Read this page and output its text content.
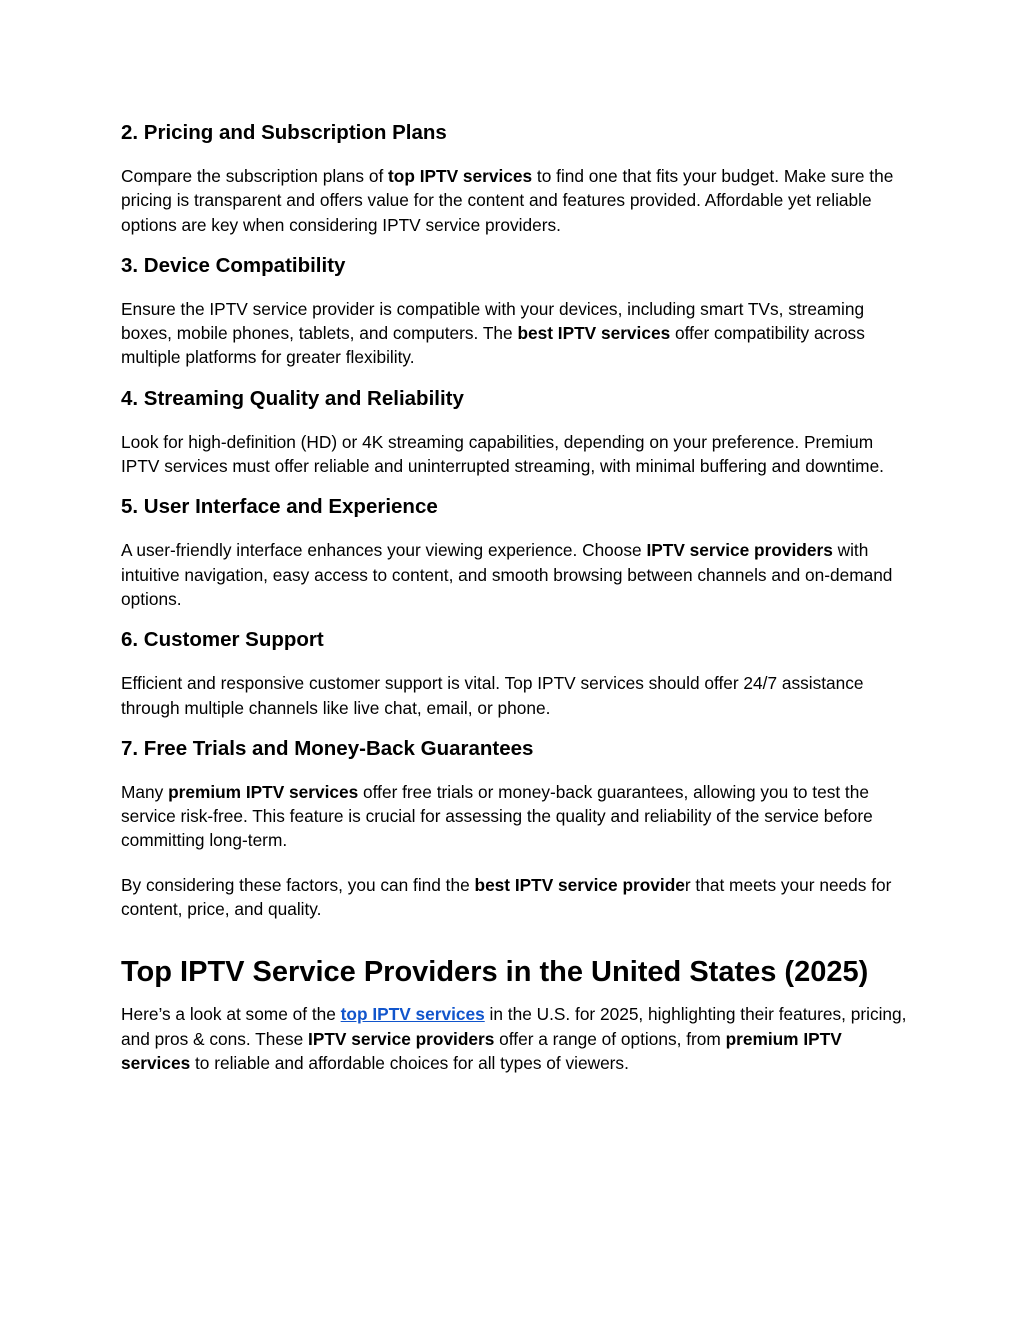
2. Pricing and Subscription Plans

Compare the subscription plans of top IPTV services to find one that fits your budget. Make sure the pricing is transparent and offers value for the content and features provided. Affordable yet reliable options are key when considering IPTV service providers.

3. Device Compatibility

Ensure the IPTV service provider is compatible with your devices, including smart TVs, streaming boxes, mobile phones, tablets, and computers. The best IPTV services offer compatibility across multiple platforms for greater flexibility.

4. Streaming Quality and Reliability

Look for high-definition (HD) or 4K streaming capabilities, depending on your preference. Premium IPTV services must offer reliable and uninterrupted streaming, with minimal buffering and downtime.

5. User Interface and Experience

A user-friendly interface enhances your viewing experience. Choose IPTV service providers with intuitive navigation, easy access to content, and smooth browsing between channels and on-demand options.

6. Customer Support

Efficient and responsive customer support is vital. Top IPTV services should offer 24/7 assistance through multiple channels like live chat, email, or phone.

7. Free Trials and Money-Back Guarantees

Many premium IPTV services offer free trials or money-back guarantees, allowing you to test the service risk-free. This feature is crucial for assessing the quality and reliability of the service before committing long-term.

By considering these factors, you can find the best IPTV service provider that meets your needs for content, price, and quality.

Top IPTV Service Providers in the United States (2025)

Here’s a look at some of the top IPTV services in the U.S. for 2025, highlighting their features, pricing, and pros & cons. These IPTV service providers offer a range of options, from premium IPTV services to reliable and affordable choices for all types of viewers.
